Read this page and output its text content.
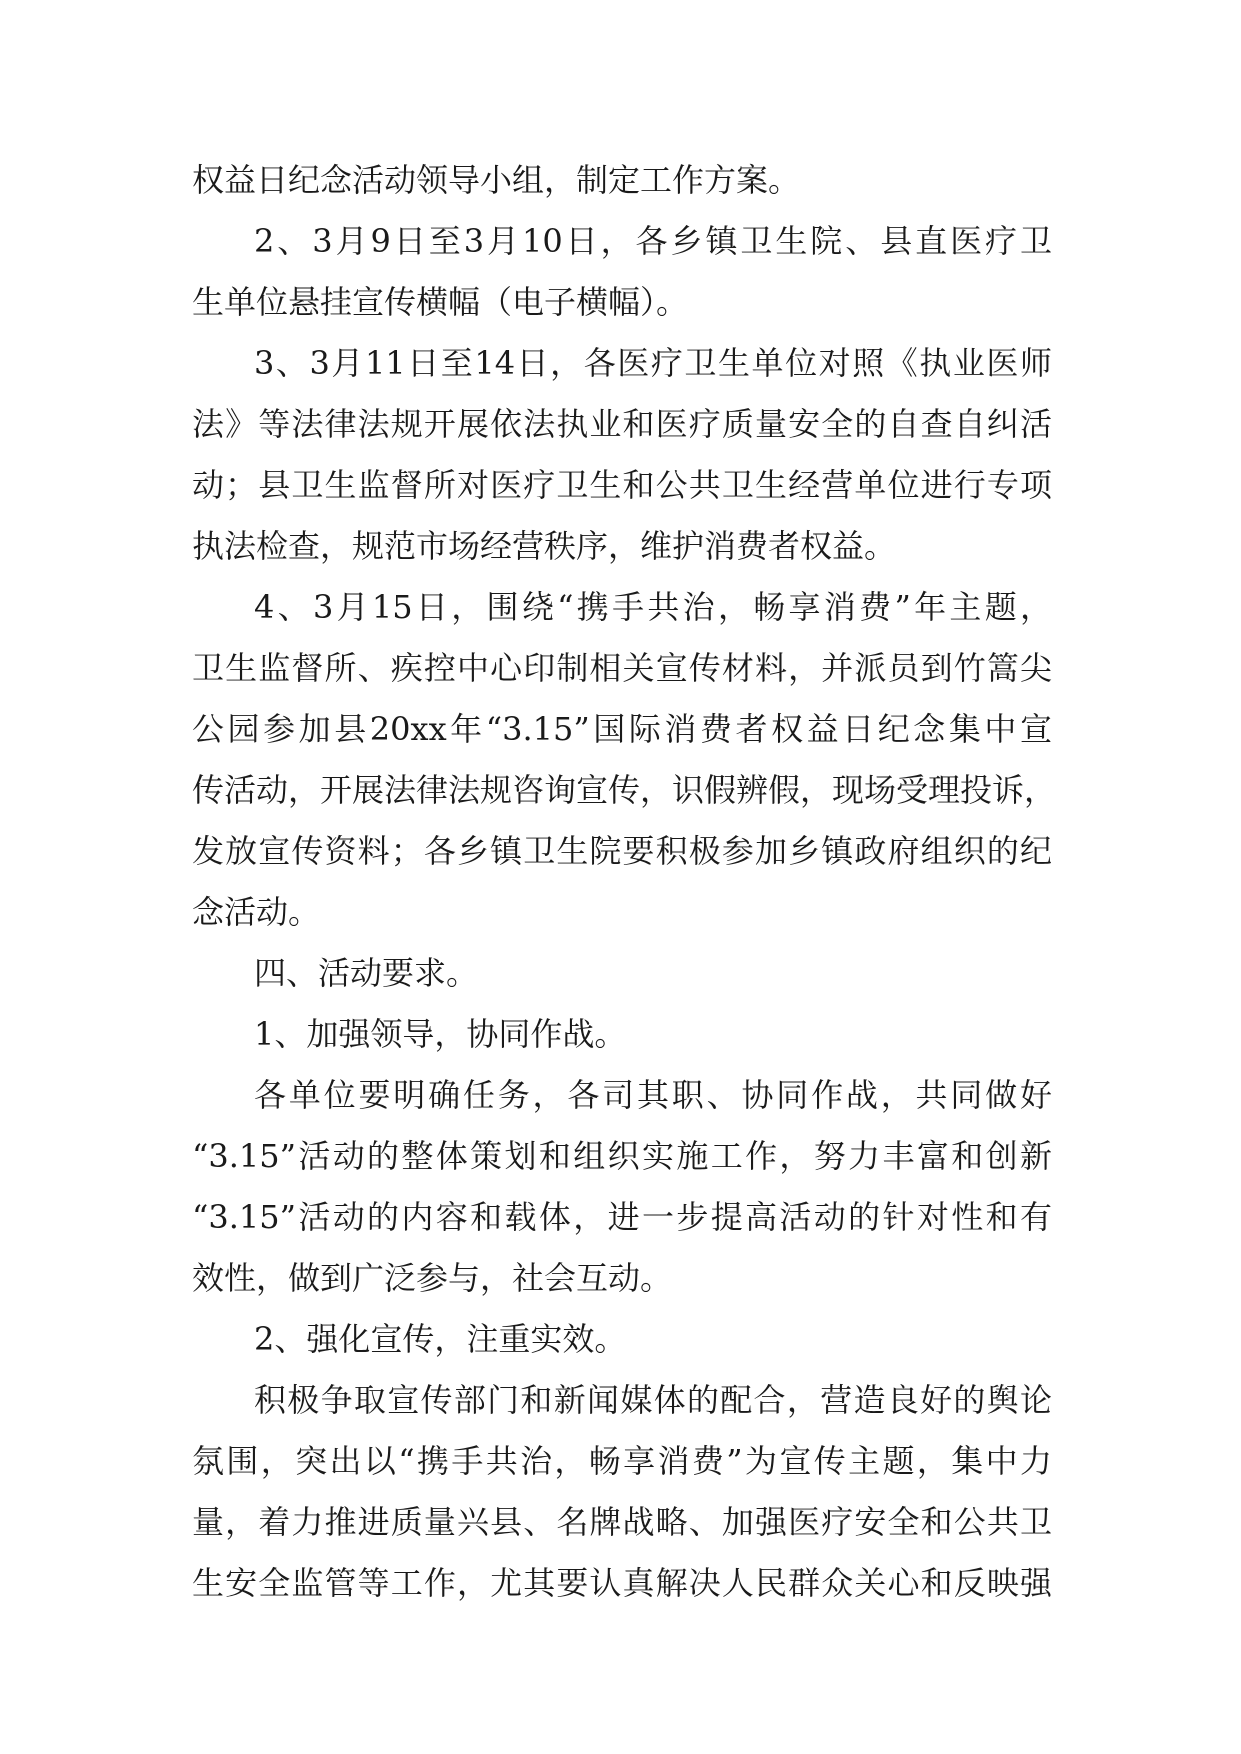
权益日纪念活动领导小组，制定工作方案。
2、3月9日至3月10日，各乡镇卫生院、县直医疗卫
生单位悬挂宣传横幅（电子横幅）。
3、3月11日至14日，各医疗卫生单位对照《执业医师
法》等法律法规开展依法执业和医疗质量安全的自查自纠活
动；县卫生监督所对医疗卫生和公共卫生经营单位进行专项
执法检查，规范市场经营秩序，维护消费者权益。
4、3月15日，围绕“携手共治，畅享消费”年主题，
卫生监督所、疾控中心印制相关宣传材料，并派员到竹篙尖
公园参加县20xx年“3.15”国际消费者权益日纪念集中宣
传活动，开展法律法规咨询宣传，识假辨假，现场受理投诉，
发放宣传资料；各乡镇卫生院要积极参加乡镇政府组织的纪
念活动。
四、活动要求。
1、加强领导，协同作战。
各单位要明确任务，各司其职、协同作战，共同做好
“3.15”活动的整体策划和组织实施工作，努力丰富和创新
“3.15”活动的内容和载体，进一步提高活动的针对性和有
效性，做到广泛参与，社会互动。
2、强化宣传，注重实效。
积极争取宣传部门和新闻媒体的配合，营造良好的舆论
氛围，突出以“携手共治，畅享消费”为宣传主题，集中力
量，着力推进质量兴县、名牌战略、加强医疗安全和公共卫
生安全监管等工作，尤其要认真解决人民群众关心和反映强
